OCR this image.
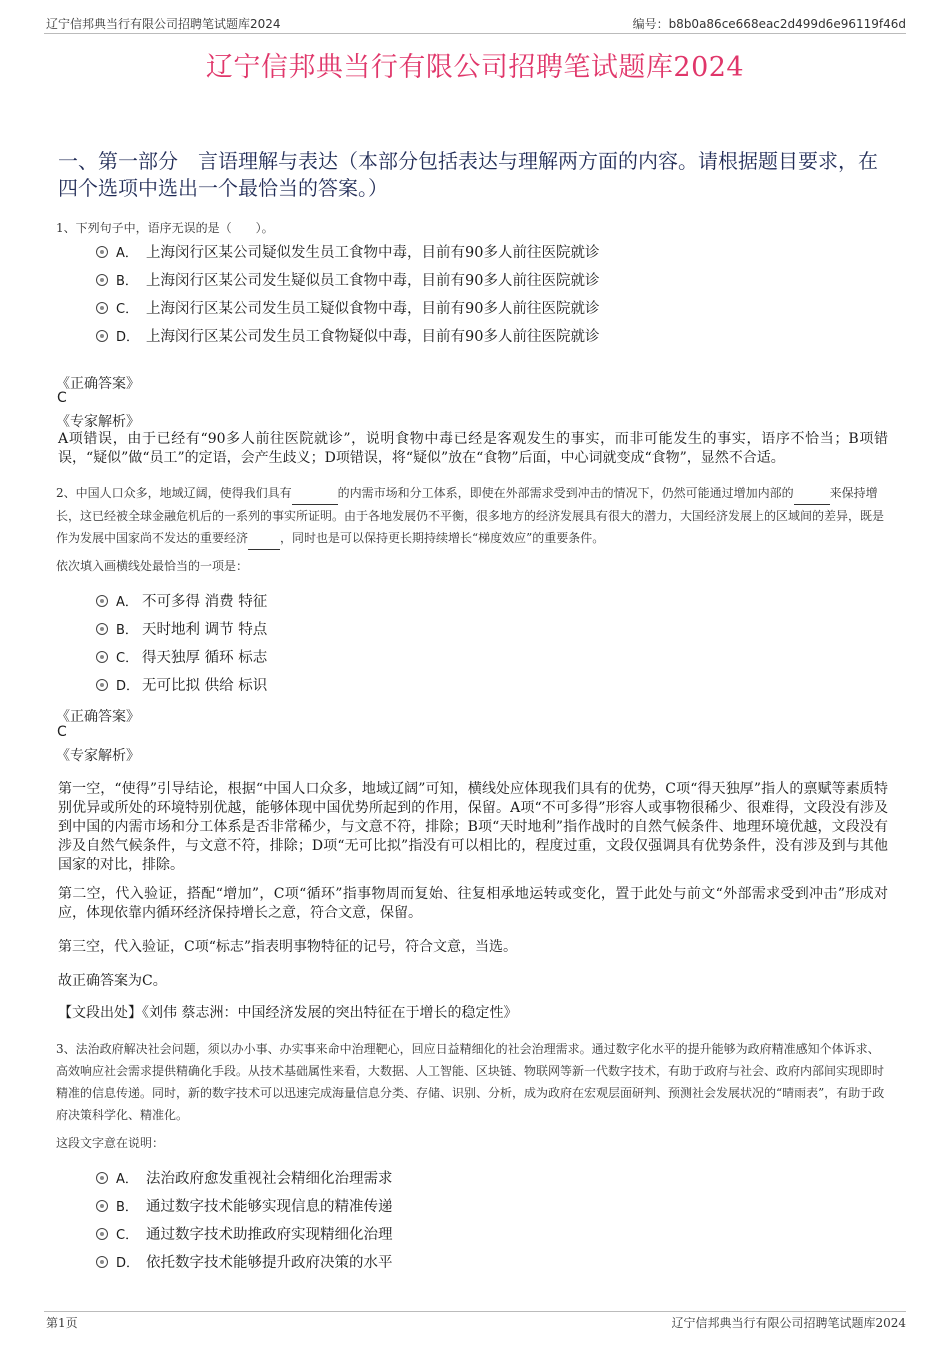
辽宁信邦典当行有限公司招聘笔试题库2024	编号：b8b0a86ce668eac2d499d6e96119f46d
辽宁信邦典当行有限公司招聘笔试题库2024
一、第一部分　言语理解与表达（本部分包括表达与理解两方面的内容。请根据题目要求，在四个选项中选出一个最恰当的答案。）
1、下列句子中，语序无误的是（　　）。
A． 上海闵行区某公司疑似发生员工食物中毒，目前有90多人前往医院就诊
B． 上海闵行区某公司发生疑似员工食物中毒，目前有90多人前往医院就诊
C． 上海闵行区某公司发生员工疑似食物中毒，目前有90多人前往医院就诊
D． 上海闵行区某公司发生员工食物疑似中毒，目前有90多人前往医院就诊
《正确答案》
C
《专家解析》
A项错误，由于已经有“90多人前往医院就诊”，说明食物中毒已经是客观发生的事实，而非可能发生的事实，语序不恰当；B项错误，“疑似”做“员工”的定语，会产生歧义；D项错误，将“疑似”放在“食物”后面，中心词就变成“食物”，显然不合适。
2、中国人口众多，地域辽阔，使得我们具有	的内需市场和分工体系，即使在外部需求受到冲击的情况下，仍然可能通过增加内部的	来保持增长，这已经被全球金融危机后的一系列的事实所证明。由于各地发展仍不平衡，很多地方的经济发展具有很大的潜力，大国经济发展上的区域间的差异，既是作为发展中国家尚不发达的重要经济	，同时也是可以保持更长期持续增长“梯度效应”的重要条件。
依次填入画横线处最恰当的一项是：
A． 不可多得 消费 特征
B． 天时地利 调节 特点
C． 得天独厚 循环 标志
D． 无可比拟 供给 标识
《正确答案》
C
《专家解析》
第一空，“使得”引导结论，根据“中国人口众多，地域辽阔”可知，横线处应体现我们具有的优势，C项“得天独厚”指人的禀赋等素质特别优异或所处的环境特别优越，能够体现中国优势所起到的作用，保留。A项“不可多得”形容人或事物很稀少、很难得，文段没有涉及到中国的内需市场和分工体系是否非常稀少，与文意不符，排除；B项“天时地利”指作战时的自然气候条件、地理环境优越，文段没有涉及自然气候条件，与文意不符，排除；D项“无可比拟”指没有可以相比的，程度过重，文段仅强调具有优势条件，没有涉及到与其他国家的对比，排除。
第二空，代入验证，搭配“增加”，C项“循环”指事物周而复始、往复相承地运转或变化，置于此处与前文“外部需求受到冲击”形成对应，体现依靠内循环经济保持增长之意，符合文意，保留。
第三空，代入验证，C项“标志”指表明事物特征的记号，符合文意，当选。
故正确答案为C。
【文段出处】《刘伟 蔡志洲：中国经济发展的突出特征在于增长的稳定性》
3、法治政府解决社会问题，须以办小事、办实事来命中治理靶心，回应日益精细化的社会治理需求。通过数字化水平的提升能够为政府精准感知个体诉求、高效响应社会需求提供精确化手段。从技术基础属性来看，大数据、人工智能、区块链、物联网等新一代数字技术，有助于政府与社会、政府内部间实现即时精准的信息传递。同时，新的数字技术可以迅速完成海量信息分类、存储、识别、分析，成为政府在宏观层面研判、预测社会发展状况的“晴雨表”，有助于政府决策科学化、精准化。
这段文字意在说明：
A． 法治政府愈发重视社会精细化治理需求
B． 通过数字技术能够实现信息的精准传递
C． 通过数字技术助推政府实现精细化治理
D． 依托数字技术能够提升政府决策的水平
第1页	辽宁信邦典当行有限公司招聘笔试题库2024
